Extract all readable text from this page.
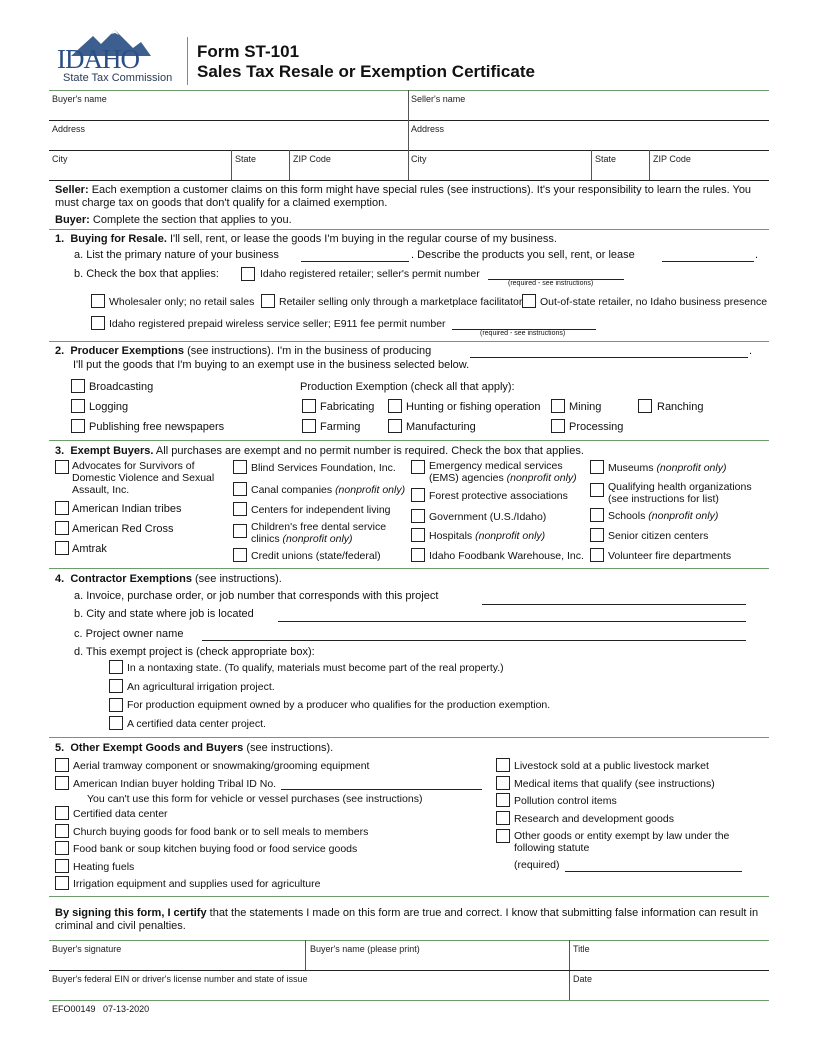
IDAHO
State Tax Commission
Form ST-101
Sales Tax Resale or Exemption Certificate
Buyer's name	Seller's name
Address	Address
City	State	ZIP Code	City	State	ZIP Code
Seller: Each exemption a customer claims on this form might have special rules (see instructions). It's your responsibility to learn the rules. You must charge tax on goods that don't qualify for a claimed exemption.
Buyer: Complete the section that applies to you.
1. Buying for Resale. I'll sell, rent, or lease the goods I'm buying in the regular course of my business.
a. List the primary nature of your business	. Describe the products you sell, rent, or lease	.
b. Check the box that applies:	Idaho registered retailer; seller's permit number
(required - see instructions)
Wholesaler only; no retail sales Retailer selling only through a marketplace facilitator Out-of-state retailer, no Idaho business presence
Idaho registered prepaid wireless service seller; E911 fee permit number
(required - see instructions)
2. Producer Exemptions (see instructions). I'm in the business of producing	.
I'll put the goods that I'm buying to an exempt use in the business selected below.
Broadcasting	Production Exemption (check all that apply):
Logging	Fabricating	Hunting or fishing operation	Mining	Ranching
Publishing free newspapers	Farming	Manufacturing	Processing
3. Exempt Buyers. All purchases are exempt and no permit number is required. Check the box that applies.
Advocates for Survivors of
Domestic Violence and Sexual
Assault, Inc.
American Indian tribes
American Red Cross
Amtrak
Blind Services Foundation, Inc.
Canal companies (nonprofit only)
Centers for independent living
Children's free dental service
clinics (nonprofit only)
Credit unions (state/federal)
Emergency medical services
(EMS) agencies (nonprofit only)
Forest protective associations
Government (U.S./Idaho)
Hospitals (nonprofit only)
Idaho Foodbank Warehouse, Inc.
Museums (nonprofit only)
Qualifying health organizations
(see instructions for list)
Schools (nonprofit only)
Senior citizen centers
Volunteer fire departments
4. Contractor Exemptions (see instructions).
a. Invoice, purchase order, or job number that corresponds with this project
b. City and state where job is located
c. Project owner name
d. This exempt project is (check appropriate box):
In a nontaxing state. (To qualify, materials must become part of the real property.)
An agricultural irrigation project.
For production equipment owned by a producer who qualifies for the production exemption.
A certified data center project.
5. Other Exempt Goods and Buyers (see instructions).
Aerial tramway component or snowmaking/grooming equipment
American Indian buyer holding Tribal ID No.
You can't use this form for vehicle or vessel purchases (see instructions)
Certified data center
Church buying goods for food bank or to sell meals to members
Food bank or soup kitchen buying food or food service goods
Heating fuels
Irrigation equipment and supplies used for agriculture
Livestock sold at a public livestock market
Medical items that qualify (see instructions)
Pollution control items
Research and development goods
Other goods or entity exempt by law under the
following statute
(required)
By signing this form, I certify that the statements I made on this form are true and correct. I know that submitting false information can result in criminal and civil penalties.
Buyer's signature	Buyer's name (please print)	Title
Buyer's federal EIN or driver's license number and state of issue	Date
EFO00149 07-13-2020
